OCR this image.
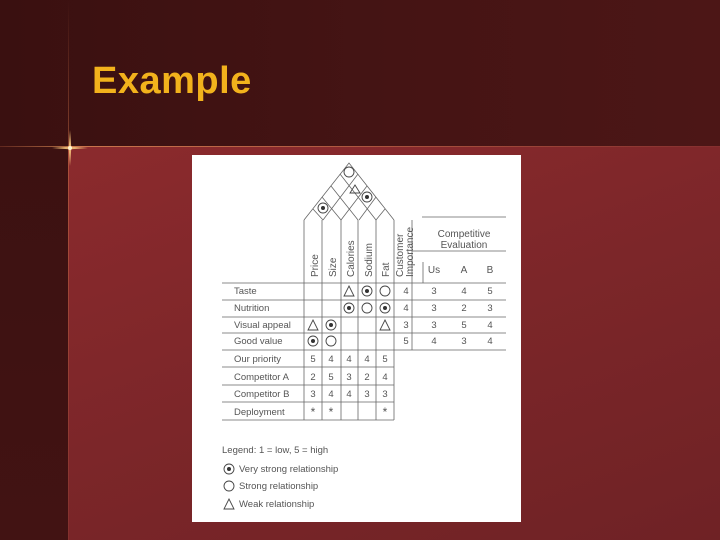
Example
Price Size Calories Sodium Fat Customer Importance Competitive
Evaluation
Us A B
Taste
Nutrition
Visual appeal
Good value
4
4
3
5
3
3
3
4
4
2
5
3
5
3
4
4
Our priority
Competitor A
Competitor B
Deployment
5 4 4 4 5
2 5 3 2 4
3 4 4 3 3
* *	*
Legend: 1 = low, 5 = high
Very strong relationship
Strong relationship
Weak relationship
